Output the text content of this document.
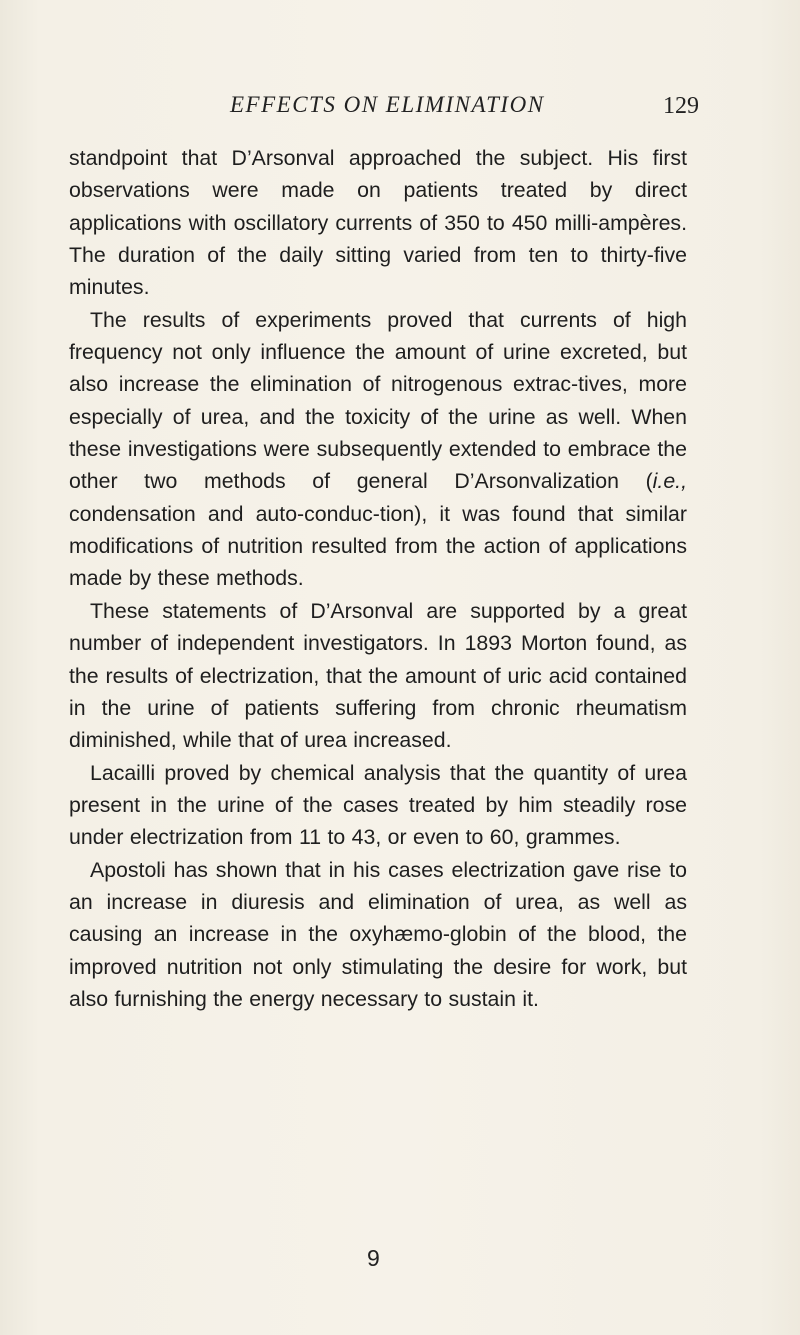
EFFECTS ON ELIMINATION	129

standpoint that D’Arsonval approached the subject. His first observations were made on patients treated by direct applications with oscillatory currents of 350 to 450 milli-ampères. The duration of the daily sitting varied from ten to thirty-five minutes.

The results of experiments proved that currents of high frequency not only influence the amount of urine excreted, but also increase the elimination of nitrogenous extrac-tives, more especially of urea, and the toxicity of the urine as well. When these investigations were subsequently extended to embrace the other two methods of general D’Arsonvalization (i.e., condensation and auto-conduc-tion), it was found that similar modifications of nutrition resulted from the action of applications made by these methods.

These statements of D’Arsonval are supported by a great number of independent investigators. In 1893 Morton found, as the results of electrization, that the amount of uric acid contained in the urine of patients suffering from chronic rheumatism diminished, while that of urea increased.

Lacailli proved by chemical analysis that the quantity of urea present in the urine of the cases treated by him steadily rose under electrization from 11 to 43, or even to 60, grammes.

Apostoli has shown that in his cases electrization gave rise to an increase in diuresis and elimination of urea, as well as causing an increase in the oxyhæmo-globin of the blood, the improved nutrition not only stimulating the desire for work, but also furnishing the energy necessary to sustain it.

9
